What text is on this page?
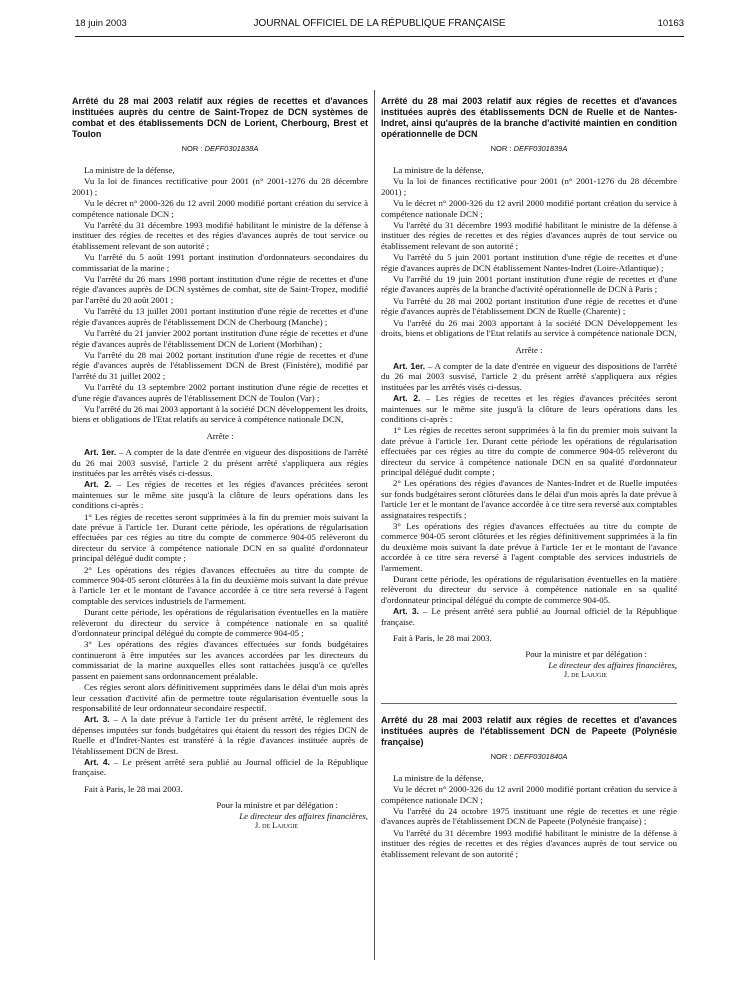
18 juin 2003	JOURNAL OFFICIEL DE LA RÉPUBLIQUE FRANÇAISE	10163
Arrêté du 28 mai 2003 relatif aux régies de recettes et d'avances instituées auprès du centre de Saint-Tropez de DCN systèmes de combat et des établissements DCN de Lorient, Cherbourg, Brest et Toulon
NOR : DEFF0301838A
La ministre de la défense,
Vu la loi de finances rectificative pour 2001 (n° 2001-1276 du 28 décembre 2001) ;
Vu le décret n° 2000-326 du 12 avril 2000 modifié portant création du service à compétence nationale DCN ;
Vu l'arrêté du 31 décembre 1993 modifié habilitant le ministre de la défense à instituer des régies de recettes et des régies d'avances auprès de tout service ou établissement relevant de son autorité ;
Vu l'arrêté du 5 août 1991 portant institution d'ordonnateurs secondaires du commissariat de la marine ;
Vu l'arrêté du 26 mars 1998 portant institution d'une régie de recettes et d'une régie d'avances auprès de DCN systèmes de combat, site de Saint-Tropez, modifié par l'arrêté du 20 août 2001 ;
Vu l'arrêté du 13 juillet 2001 portant institution d'une régie de recettes et d'une régie d'avances auprès de l'établissement DCN de Cherbourg (Manche) ;
Vu l'arrêté du 21 janvier 2002 portant institution d'une régie de recettes et d'une régie d'avances auprès de l'établissement DCN de Lorient (Morbihan) ;
Vu l'arrêté du 28 mai 2002 portant institution d'une régie de recettes et d'une régie d'avances auprès de l'établissement DCN de Brest (Finistère), modifié par l'arrêté du 31 juillet 2002 ;
Vu l'arrêté du 13 septembre 2002 portant institution d'une régie de recettes et d'une régie d'avances auprès de l'établissement DCN de Toulon (Var) ;
Vu l'arrêté du 26 mai 2003 apportant à la société DCN développement les droits, biens et obligations de l'Etat relatifs au service à compétence nationale DCN,
Arrête :
Art. 1er. – A compter de la date d'entrée en vigueur des dispositions de l'arrêté du 26 mai 2003 susvisé, l'article 2 du présent arrêté s'appliquera aux régies instituées par les arrêtés visés ci-dessus.
Art. 2. – Les régies de recettes et les régies d'avances précitées seront maintenues sur le même site jusqu'à la clôture de leurs opérations dans les conditions ci-après :
1° Les régies de recettes seront supprimées à la fin du premier mois suivant la date prévue à l'article 1er. Durant cette période, les opérations de régularisation effectuées par ces régies au titre du compte de commerce 904-05 relèveront du directeur du service à compétence nationale DCN en sa qualité d'ordonnateur principal délégué dudit compte ;
2° Les opérations des régies d'avances effectuées au titre du compte de commerce 904-05 seront clôturées à la fin du deuxième mois suivant la date prévue à l'article 1er et le montant de l'avance accordée à ce titre sera reversé à l'agent comptable des services industriels de l'armement.
Durant cette période, les opérations de régularisation éventuelles en la matière relèveront du directeur du service à compétence nationale en sa qualité d'ordonnateur principal délégué du compte de commerce 904-05 ;
3° Les opérations des régies d'avances effectuées sur fonds budgétaires continueront à être imputées sur les avances accordées par les directeurs du commissariat de la marine auxquelles elles sont rattachées jusqu'à ce qu'elles passent en paiement sans ordonnancement préalable.
Ces régies seront alors définitivement supprimées dans le délai d'un mois après leur cessation d'activité afin de permettre toute régularisation éventuelle sous la responsabilité de leur ordonnateur secondaire respectif.
Art. 3. – A la date prévue à l'article 1er du présent arrêté, le règlement des dépenses imputées sur fonds budgétaires qui étaient du ressort des régies DCN de Ruelle et d'Indret-Nantes est transféré à la régie d'avances instituée auprès de l'établissement DCN de Brest.
Art. 4. – Le présent arrêté sera publié au Journal officiel de la République française.
Fait à Paris, le 28 mai 2003.
Pour la ministre et par délégation :
Le directeur des affaires financières,
J. de Lajugie
Arrêté du 28 mai 2003 relatif aux régies de recettes et d'avances instituées auprès des établissements DCN de Ruelle et de Nantes-Indret, ainsi qu'auprès de la branche d'activité maintien en condition opérationnelle de DCN
NOR : DEFF0301839A
La ministre de la défense,
Vu la loi de finances rectificative pour 2001 (n° 2001-1276 du 28 décembre 2001) ;
Vu le décret n° 2000-326 du 12 avril 2000 modifié portant création du service à compétence nationale DCN ;
Vu l'arrêté du 31 décembre 1993 modifié habilitant le ministre de la défense à instituer des régies de recettes et des régies d'avances auprès de tout service ou établissement relevant de son autorité ;
Vu l'arrêté du 5 juin 2001 portant institution d'une régie de recettes et d'une régie d'avances auprès de DCN établissement Nantes-Indret (Loire-Atlantique) ;
Vu l'arrêté du 19 juin 2001 portant institution d'une régie de recettes et d'une régie d'avances auprès de la branche d'activité opérationnelle de DCN à Paris ;
Vu l'arrêté du 28 mai 2002 portant institution d'une régie de recettes et d'une régie d'avances auprès de l'établissement DCN de Ruelle (Charente) ;
Vu l'arrêté du 26 mai 2003 apportant à la société DCN Développement les droits, biens et obligations de l'Etat relatifs au service à compétence nationale DCN,
Arrête :
Art. 1er. – A compter de la date d'entrée en vigueur des dispositions de l'arrêté du 26 mai 2003 susvisé, l'article 2 du présent arrêté s'appliquera aux régies instituées par les arrêtés visés ci-dessus.
Art. 2. – Les régies de recettes et les régies d'avances précitées seront maintenues sur le même site jusqu'à la clôture de leurs opérations dans les conditions ci-après :
1° Les régies de recettes seront supprimées à la fin du premier mois suivant la date prévue à l'article 1er. Durant cette période les opérations de régularisation effectuées par ces régies au titre du compte de commerce 904-05 relèveront du directeur du service à compétence nationale DCN en sa qualité d'ordonnateur principal délégué dudit compte ;
2° Les opérations des régies d'avances de Nantes-Indret et de Ruelle imputées sur fonds budgétaires seront clôturées dans le délai d'un mois après la date prévue à l'article 1er et le montant de l'avance accordée à ce titre sera reversé aux comptables assignataires respectifs ;
3° Les opérations des régies d'avances effectuées au titre du compte de commerce 904-05 seront clôturées et les régies définitivement supprimées à la fin du deuxième mois suivant la date prévue à l'article 1er et le montant de l'avance accordée à ce titre sera reversé à l'agent comptable des services industriels de l'armement.
Durant cette période, les opérations de régularisation éventuelles en la matière relèveront du directeur du service à compétence nationale en sa qualité d'ordonnateur principal délégué du compte de commerce 904-05.
Art. 3. – Le présent arrêté sera publié au Journal officiel de la République française.
Fait à Paris, le 28 mai 2003.
Pour la ministre et par délégation :
Le directeur des affaires financières,
J. de Lajugie
Arrêté du 28 mai 2003 relatif aux régies de recettes et d'avances instituées auprès de l'établissement DCN de Papeete (Polynésie française)
NOR : DEFF0301840A
La ministre de la défense,
Vu le décret n° 2000-326 du 12 avril 2000 modifié portant création du service à compétence nationale DCN ;
Vu l'arrêté du 24 octobre 1975 instituant une régie de recettes et une régie d'avances auprès de l'établissement DCN de Papeete (Polynésie française) ;
Vu l'arrêté du 31 décembre 1993 modifié habilitant le ministre de la défense à instituer des régies de recettes et des régies d'avances auprès de tout service ou établissement relevant de son autorité ;
